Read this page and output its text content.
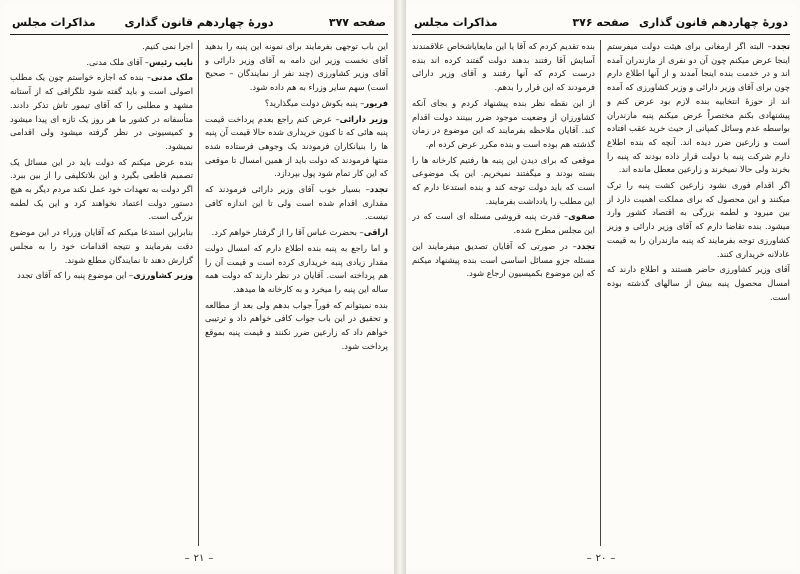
صفحه ۳۷۷
دورهٔ چهاردهم قانون گذاری
مذاکرات مجلس

این باب توجهی بفرمایند برای نمونه این پنبه را بدهید آقای نخست وزیر این دامه به آقای وزیر دارائی و آقای وزیر کشاورزی (چند نفر از نمایندگان – صحیح است) سهم سایر وزراء به هم داده شود.

فریور– پنبه بکوش دولت میگذارید؟

وزیر دارائی– عرض کنم راجع بعدم پرداخت قیمت پنبه هائی که تا کنون خریداری شده حالا قیمت آن پنبه ها را بنیانکاران فرمودند یک وجوهی فرستاده شده منتها فرمودند که دولت باید از همین امسال تا موقعی که این کار تمام شود پول بپردازد.

تجدد– بسیار خوب آقای وزیر دارائی فرمودند که مقداری اقدام شده است ولی تا این اندازه کافی نیست.

اراقی– بحضرت عباس آقا را از گرفتار خواهم کرد.

و اما راجع به پنبه بنده اطلاع دارم که امسال دولت مقدار زیادی پنبه خریداری کرده است و قیمت آن را هم پرداخته است. آقایان در نظر دارند که دولت همه ساله این پنبه را میخرد و به کارخانه ها میدهد.

بنده نمیتوانم که فوراً جواب بدهم ولی بعد از مطالعه و تحقیق در این باب جواب کافی خواهم داد و ترتیبی خواهم داد که زارعین ضرر نکنند و قیمت پنبه بموقع پرداخت شود.

اجرا نمی کنیم.

نایب رئیس– آقای ملک مدنی.

ملک مدنی– بنده که اجازه خواستم چون یک مطلب اصولی است و باید گفته شود تلگرافی که از آستانه مشهد و مطلبی را که آقای تیمور تاش تذکر دادند. متأسفانه در کشور ما هر روز یک تازه ای پیدا میشود و کمیسیونی در نظر گرفته میشود ولی اقدامی نمیشود.

بنده عرض میکنم که دولت باید در این مسائل یک تصمیم قاطعی بگیرد و این بلاتکلیفی را از بین ببرد. اگر دولت به تعهدات خود عمل نکند مردم دیگر به هیچ دستور دولت اعتماد نخواهند کرد و این یک لطمه بزرگی است.

بنابراین استدعا میکنم که آقایان وزراء در این موضوع دقت بفرمایند و نتیجه اقدامات خود را به مجلس گزارش دهند تا نمایندگان مطلع شوند.

وزیر کشاورزی– این موضوع پنبه را که آقای تجدد

– ۲۱ –
دورهٔ چهاردهم قانون گذاری
صفحه ۳۷۶
مذاکرات مجلس

تجدد– البته اگر ارمغانی برای هیئت دولت میفرستم اینجا عرض میکنم چون آن دو نفری از مازندران آمده اند و در خدمت بنده اینجا آمدند و از آنها اطلاع دارم چون برای آقای وزیر دارائی و وزیر کشاورزی که آمده اند از حوزهٔ انتخابیه بنده لازم بود عرض کنم و پیشنهادی بکنم مختصراً عرض میکنم پنبه مازندران بواسطه عدم وسائل کمپانی از حیث خرید عقب افتاده است و زارعین ضرر دیده اند. آنچه که بنده اطلاع دارم شرکت پنبه با دولت قرار داده بودند که پنبه را بخرند ولی حالا نمیخرند و زارعین معطل مانده اند.

اگر اقدام فوری نشود زارعین کشت پنبه را ترک میکنند و این محصول که برای مملکت اهمیت دارد از بین میرود و لطمه بزرگی به اقتصاد کشور وارد میشود. بنده تقاضا دارم که آقای وزیر دارائی و وزیر کشاورزی توجه بفرمایند که پنبه مازندران را به قیمت عادلانه خریداری کنند.

آقای وزیر کشاورزی حاضر هستند و اطلاع دارند که امسال محصول پنبه بیش از سالهای گذشته بوده است.

بنده تقدیم کردم که آقا یا این مایعایاشخاص علاقمندند آسایش آقا رفتند بدهند دولت گفتند کرده اند بنده درست کردم که آنها رفتند و آقای وزیر دارائی فرمودند که این قرار را بدهم.

از این نقطه نظر بنده پیشنهاد کردم و بجای آنکه کشاورزان از وضعیت موجود ضرر ببینند دولت اقدام کند. آقایان ملاحظه بفرمایند که این موضوع در زمان گذشته هم بوده است و بنده مکرر عرض کرده ام.

موقعی که برای دیدن این پنبه ها رفتیم کارخانه ها را بسته بودند و میگفتند نمیخریم. این یک موضوعی است که باید دولت توجه کند و بنده استدعا دارم که این مطلب را یادداشت بفرمایند.

صفوی– قدرت پنبه فروشی مسئله ای است که در این مجلس مطرح شده.

تجدد– در صورتی که آقایان تصدیق میفرمایند این مسئله جزو مسائل اساسی است بنده پیشنهاد میکنم که این موضوع بکمیسیون ارجاع شود.

– ۲۰ –
